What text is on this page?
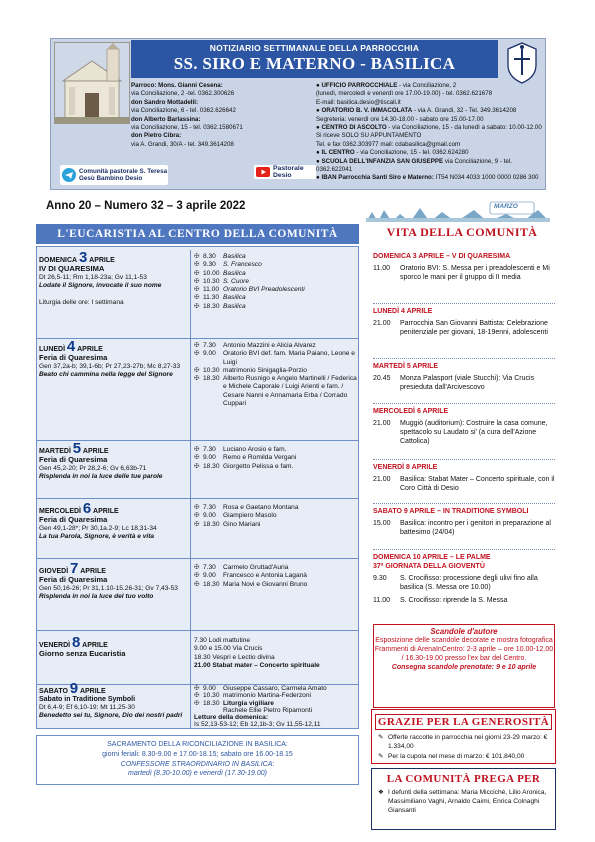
NOTIZIARIO SETTIMANALE DELLA PARROCCHIA
SS. SIRO E MATERNO - BASILICA
Parroco: Mons. Gianni Cesena:
via Conciliazione, 2 -tel. 0362.300626
don Sandro Mottadelli:
via Conciliazione, 6 - tel. 0362.626642
don Alberto Barlassina:
via Conciliazione, 15 - tel. 0362.1580671
don Pietro Cibra:
via A. Grandi, 30/A - tel. 349.3614208
● UFFICIO PARROCCHIALE - via Conciliazione, 2
(lunedì, mercoledì e venerdì ore 17.00-19.00) - tel. 0362.621678
E-mail: basilica.desio@tiscali.it
● ORATORIO B. V. IMMACOLATA - via A. Grandi, 32 - Tel. 349.3614208
Segreteria: venerdì ore 14.30-18.00 - sabato ore 15.00-17.00
● CENTRO DI ASCOLTO - via Conciliazione, 15 - da lunedì a sabato: 10.00-12.00
Si riceve SOLO SU APPUNTAMENTO
Tel. e fax 0362.303977 mail: cdabasilica@gmail.com
● IL CENTRO - via Conciliazione, 15 - tel. 0362.624280
● SCUOLA DELL'INFANZIA SAN GIUSEPPE via Conciliazione, 9 - tel. 0362.622041
● IBAN Parrocchia Santi Siro e Materno: IT54 N034 4033 1000 0000 0286 300
Comunità pastorale S. Teresa Gesù Bambino Desio
Pastorale Desio
Anno 20 – Numero 32 – 3 aprile 2022	MARZO
L'EUCARISTIA AL CENTRO DELLA COMUNITÀ
DOMENICA 3 APRILE
IV DI QUARESIMA
Dt 26,5-11; Rm 1,18-23a; Gv 11,1-53
Lodate il Signore, invocate il suo nome
Liturgia delle ore: I settimana
✠ 8.30	Basilica
✠ 9.30	S. Francesco
✠ 10.00 Basilica
✠ 10.30 S. Cuore
✠ 11.00 Oratorio BVI Preadolescenti
✠ 11.30 Basilica
✠ 18.30 Basilica
LUNEDÌ 4 APRILE
Feria di Quaresima
Gen 37,2a-b; 39,1-6b; Pr 27,23-27b; Mc 8,27-33
Beato chi cammina nella legge del Signore
✠ 7.30	Antonio Mazzini e Alicia Alvarez
✠ 9.00	Oratorio BVI def. fam. Maria Paiano, Leone e Luigi
✠ 10.30 matrimonio Sinigaglia-Porzio
✠ 18.30 Alberto Rusnigo e Angelo Martinelli / Federica e Michele Caporale / Luigi Arienti e fam. / Cesare Nanni e Annamaria Erba / Corrado Cuppari
MARTEDÌ 5 APRILE
Feria di Quaresima
Gen 45,2-20; Pr 28,2-6; Gv 6,63b-71
Risplenda in noi la luce delle tue parole
✠ 7.30	Luciano Arosio e fam.
✠ 9.00	Remo e Romilda Vergani
✠ 18.30 Giorgetto Pelissa e fam.
MERCOLEDÌ 6 APRILE
Feria di Quaresima
Gen 49,1-28*; Pr 30,1a.2-9; Lc 18,31-34
La tua Parola, Signore, è verità e vita
✠ 7.30	Rosa e Gaetano Montana
✠ 9.00	Giampiero Masolo
✠ 18.30 Gino Mariani
GIOVEDÌ 7 APRILE
Feria di Quaresima
Gen 50,16-26; Pr 31,1.10-15.26-31; Gv 7,43-53
Risplenda in noi la luce del tuo volto
✠ 7.30	Carmelo Gruttad'Auria
✠ 9.00	Francesco e Antonia Laganà
✠ 18.30 Maria Novi e Giovanni Bruno
VENERDÌ 8 APRILE
Giorno senza Eucaristia
7.30 Lodi mattutine
9.00 e 15.00 Via Crucis
18.30 Vespri e Lectio divina
21.00 Stabat mater – Concerto spirituale
SABATO 9 APRILE
Sabato in Traditione Symboli
Dt 6,4-9; Ef 6,10-19; Mt 11,25-30
Benedetto sei tu, Signore, Dio dei nostri padri
✠ 9.00	Giuseppe Cassaro, Carmela Amato
✠ 10.30 matrimonio Martina-Federzoni
✠ 18.30 Liturgia vigiliare
Rachele Ellie Pietro Ripamonti
Letture della domenica:
Is 52,13-53-12; Eb 12,1b-3; Gv 11,55-12,11
SACRAMENTO DELLA RICONCILIAZIONE IN BASILICA:
giorni feriali: 8.30-9.00 e 17.00-18.15; sabato ore 16.00-18.15
CONFESSORE STRAORDINARIO IN BASILICA:
martedì (8.30-10.00) e venerdì (17.30-19.00)
VITA DELLA COMUNITÀ
DOMENICA 3 APRILE – V DI QUARESIMA
11.00	Oratorio BVI: S. Messa per i preadolescenti e Mi sporco le mani per il gruppo di II media
LUNEDÌ 4 APRILE
21.00	Parrocchia San Giovanni Battista: Celebrazione penitenziale per giovani, 18-19enni, adolescenti
MARTEDÌ 5 APRILE
20.45	Monza Palasport (viale Stucchi): Via Crucis presieduta dall'Arcivescovo
MERCOLEDÌ 6 APRILE
21.00	Muggiò (auditorium): Costruire la casa comune, spettacolo su Laudato si' (a cura dell'Azione Cattolica)
VENERDÌ 8 APRILE
21.00	Basilica: Stabat Mater – Concerto spirituale, con il Coro Città di Desio
SABATO 9 APRILE – IN TRADITIONE SYMBOLI
15.00	Basilica: incontro per i genitori in preparazione al battesimo (24/04)
DOMENICA 10 APRILE – LE PALME
37ª GIORNATA DELLA GIOVENTÙ
9.30	S. Crocifisso: processione degli ulivi fino alla basilica (S. Messa ore 10.00)
11.00	S. Crocifisso: riprende la S. Messa
Scandole d'autore
Esposizione delle scandole decorate e mostra fotografica Frammenti di ArenaInCentro: 2-3 aprile – ore 10.00-12.00 / 16.30-19.00 presso l'ex bar del Centro.
Consegna scandole prenotate: 9 e 10 aprile
GRAZIE PER LA GENEROSITÀ
✎ Offerte raccolte in parrocchia nei giorni 23-29 marzo: € 1.334,00
✎ Per la cupola nel mese di marzo: € 101.840,00
LA COMUNITÀ PREGA PER
❖ I defunti della settimana: Maria Micciché, Lilio Aronica, Massimiliano Vaghi, Arnaldo Caimi, Enrica Colnaghi Giansanti
